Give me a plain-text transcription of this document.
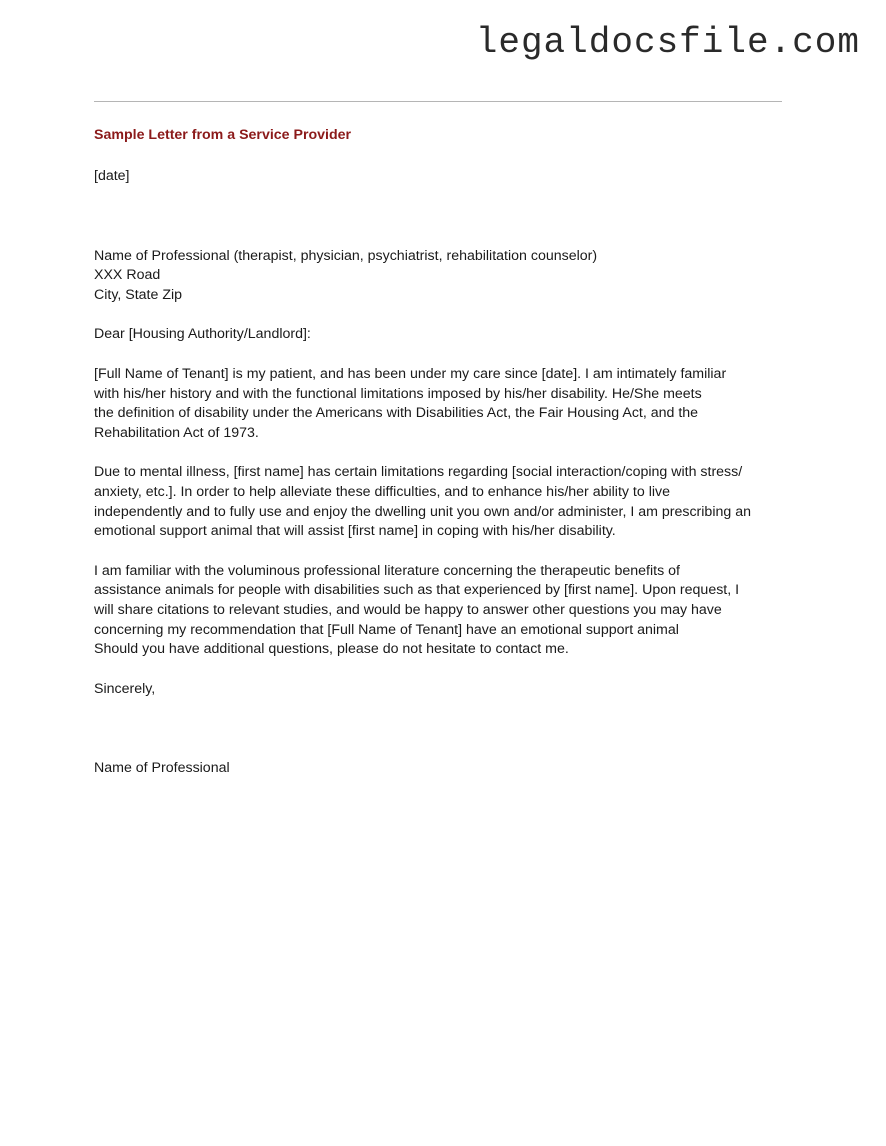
legaldocsfile.com

Sample Letter from a Service Provider

[date]

Name of Professional (therapist, physician, psychiatrist, rehabilitation counselor)
XXX Road
City, State Zip

Dear [Housing Authority/Landlord]:

[Full Name of Tenant] is my patient, and has been under my care since [date]. I am intimately familiar
with his/her history and with the functional limitations imposed by his/her disability. He/She meets
the definition of disability under the Americans with Disabilities Act, the Fair Housing Act, and the
Rehabilitation Act of 1973.

Due to mental illness, [first name] has certain limitations regarding [social interaction/coping with stress/
anxiety, etc.]. In order to help alleviate these difficulties, and to enhance his/her ability to live
independently and to fully use and enjoy the dwelling unit you own and/or administer, I am prescribing an
emotional support animal that will assist [first name] in coping with his/her disability.

I am familiar with the voluminous professional literature concerning the therapeutic benefits of
assistance animals for people with disabilities such as that experienced by [first name]. Upon request, I
will share citations to relevant studies, and would be happy to answer other questions you may have
concerning my recommendation that [Full Name of Tenant] have an emotional support animal
Should you have additional questions, please do not hesitate to contact me.

Sincerely,

Name of Professional
